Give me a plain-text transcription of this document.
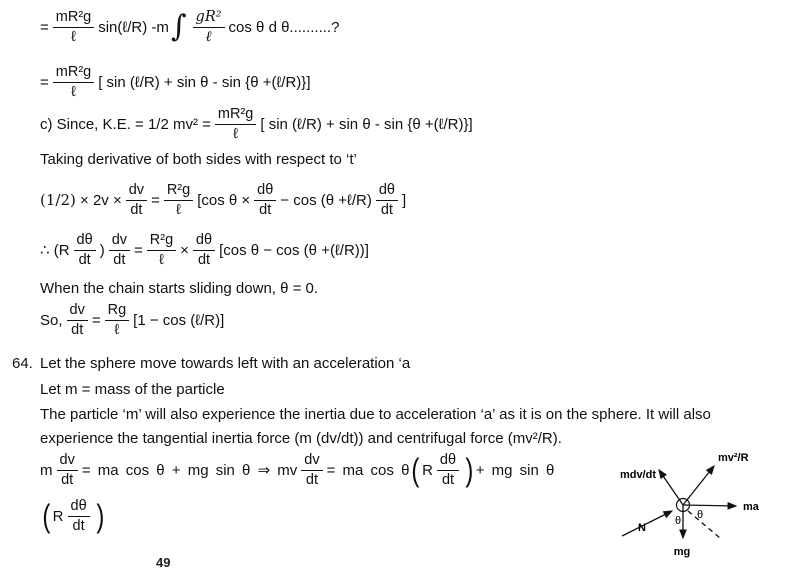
= $\frac{\text{mR²g}}{\text{ℓ}}$ sin(ℓ/R) -m ∫ $\frac{\text{gR²}}{\text{ℓ}}$ cos θ d θ..........?
= $\frac{\text{mR²g}}{\text{ℓ}}$ [ sin (ℓ/R) + sin θ - sin {θ +(ℓ/R)}]
c) Since, K.E. = 1/2 $mv^2 = \frac{\text{mR²g}}{\text{ℓ}}$ [ sin (ℓ/R) + sin θ - sin {θ +(ℓ/R)}]
Taking derivative of both sides with respect to ‘t’
$(1/2) \times 2v \times \frac{dv}{dt} = \frac{\text{R²g}}{\text{ℓ}} [\cos$ $\theta \times \frac{d\theta}{dt} - \cos (\theta$ +ℓ/R) $\frac{d\theta}{dt}$ ]
∴ ($R \frac{d\theta}{dt}$ ) $\frac{dv}{dt} = \frac{\text{R²g}}{\text{ℓ}} \times \frac{d\theta}{dt} [\cos$ θ − cos (θ +(ℓ/R))]
When the chain starts sliding down, θ = 0.
So, $\frac{dv}{dt} = \frac{Rg}{\text{ℓ}} [1 - \cos$ (ℓ/R)]
64. Let the sphere move towards left with an acceleration ‘a
Let m = mass of the particle
The particle ‘m’ will also experience the inertia due to acceleration ‘a’ as it is on the sphere. It will also experience the tangential inertia force (m (dv/dt)) and centrifugal force (mv²/R).
m $\frac{dv}{dt}$ = ma cos θ + mg sin θ ⇒ mv $\frac{dv}{dt}$ = ma cos θ ( R $\frac{d\theta}{dt}$ ) + mg sin θ
( R $\frac{d\theta}{dt}$ )
mv²/R
mdv/dt
ma
N
mg
θ θ
49
